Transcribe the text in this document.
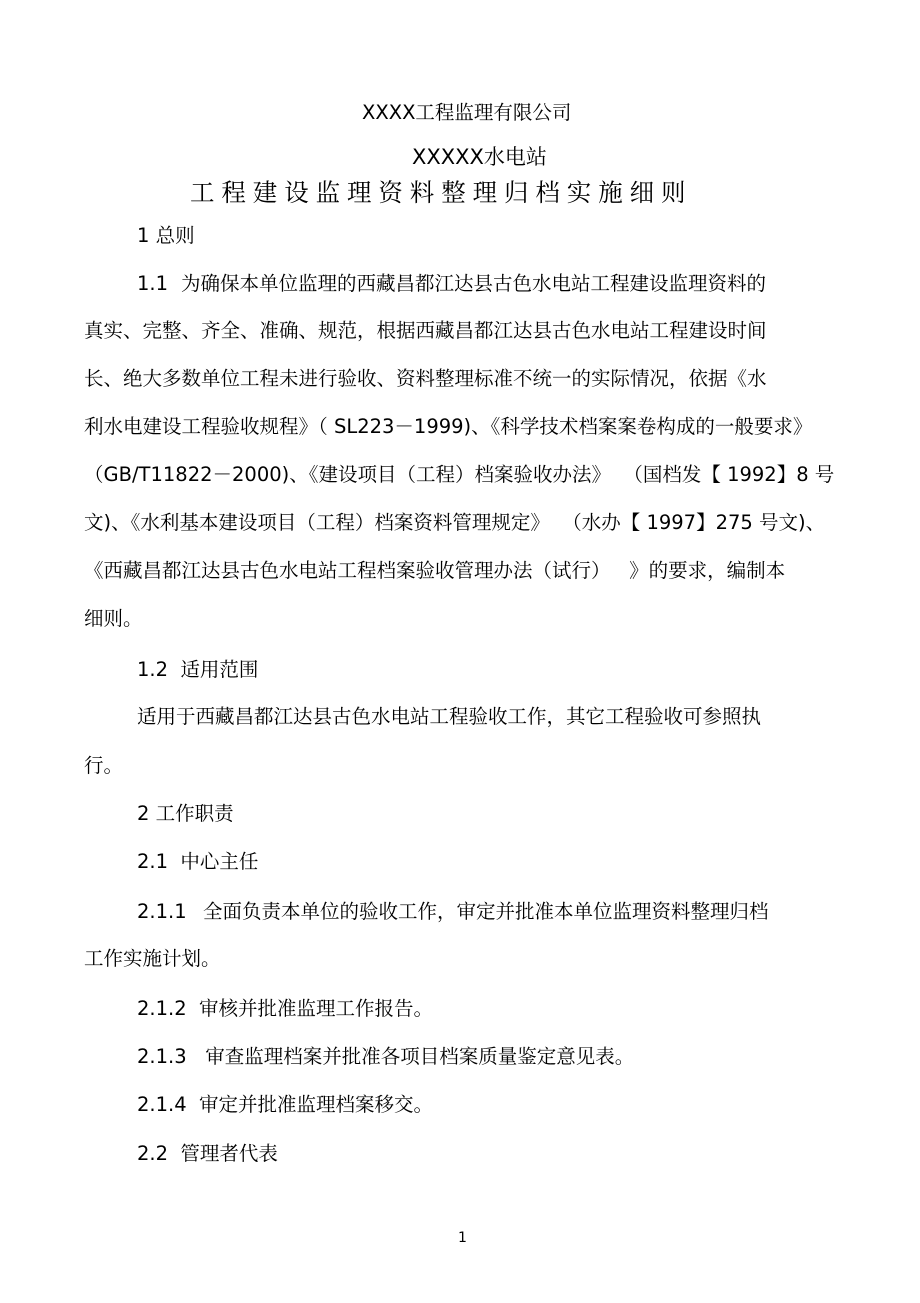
XXXX工程监理有限公司
XXXXX水电站
工程建设监理资料整理归档实施细则
1 总则
1.1 为确保本单位监理的西藏昌都江达县古色水电站工程建设监理资料的
真实、完整、齐全、准确、规范，根据西藏昌都江达县古色水电站工程建设时间
长、绝大多数单位工程未进行验收、资料整理标准不统一的实际情况，依据《水
利水电建设工程验收规程》（ SL223－1999)、《科学技术档案案卷构成的一般要求》
（GB/T11822－2000)、《建设项目（工程）档案验收办法》  （国档发【 1992】8 号
文)、《水利基本建设项目（工程）档案资料管理规定》  （水办【 1997】275 号文)、
《西藏昌都江达县古色水电站工程档案验收管理办法（试行）   》的要求，编制本
细则。
1.2  适用范围
适用于西藏昌都江达县古色水电站工程验收工作，其它工程验收可参照执
行。
2 工作职责
2.1  中心主任
2.1.1 全面负责本单位的验收工作，审定并批准本单位监理资料整理归档
工作实施计划。
2.1.2  审核并批准监理工作报告。
2.1.3   审查监理档案并批准各项目档案质量鉴定意见表。
2.1.4  审定并批准监理档案移交。
2.2  管理者代表
1
